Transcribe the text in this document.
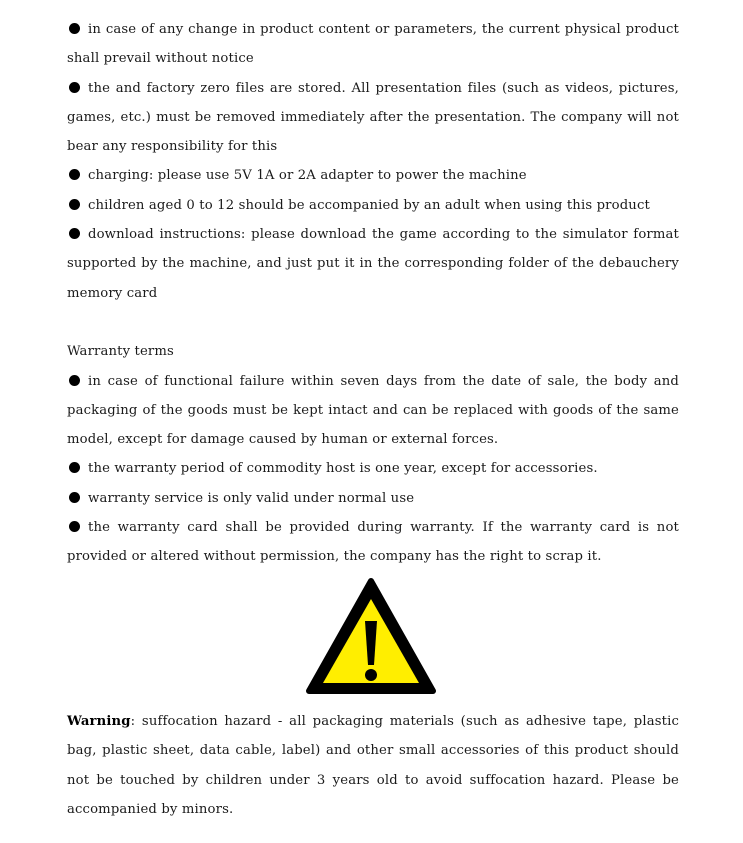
in case of any change in product content or parameters, the current physical product shall prevail without notice

the and factory zero files are stored. All presentation files (such as videos, pictures, games, etc.) must be removed immediately after the presentation. The company will not bear any responsibility for this

charging: please use 5V 1A or 2A adapter to power the machine

children aged 0 to 12 should be accompanied by an adult when using this product

download instructions: please download the game according to the simulator format supported by the machine, and just put it in the corresponding folder of the debauchery memory card

Warranty terms

in case of functional failure within seven days from the date of sale, the body and packaging of the goods must be kept intact and can be replaced with goods of the same model, except for damage caused by human or external forces.

the warranty period of commodity host is one year, except for accessories.

warranty service is only valid under normal use

the warranty card shall be provided during warranty. If the warranty card is not provided or altered without permission, the company has the right to scrap it.

Warning: suffocation hazard - all packaging materials (such as adhesive tape, plastic bag, plastic sheet, data cable, label) and other small accessories of this product should not be touched by children under 3 years old to avoid suffocation hazard. Please be accompanied by minors.
